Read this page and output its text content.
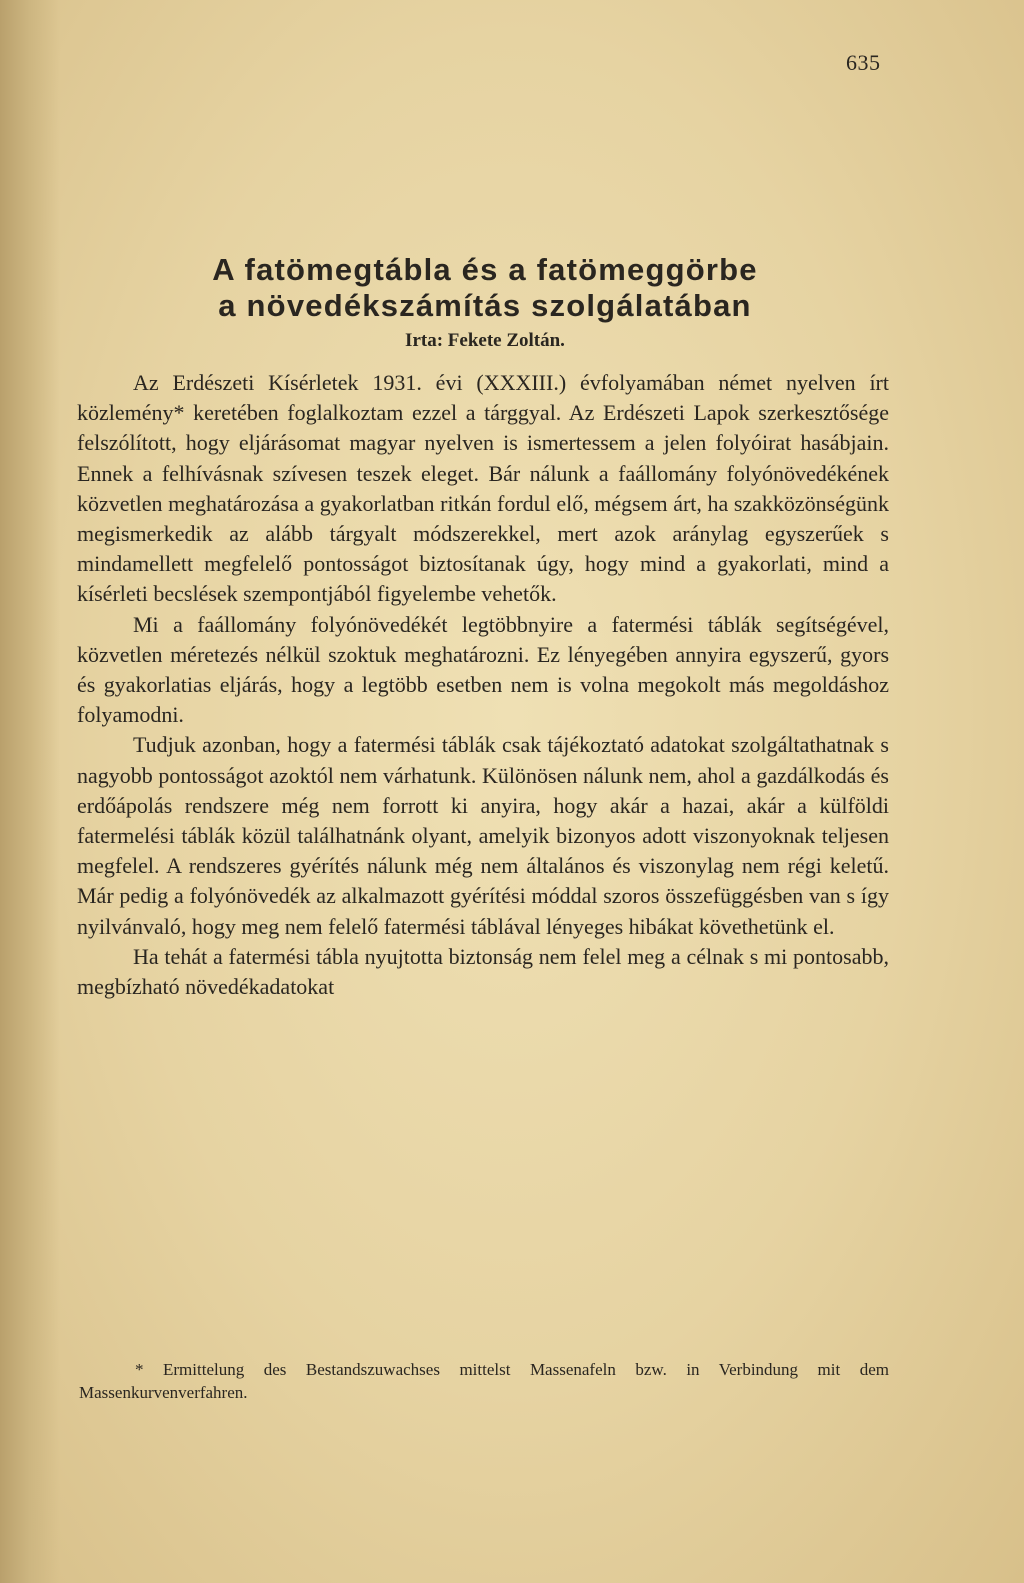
635
A fatömegtábla és a fatömeggörbe
a növedékszámítás szolgálatában
Irta: Fekete Zoltán.

Az Erdészeti Kísérletek 1931. évi (XXXIII.) évfolyamában német nyelven írt közlemény* keretében foglalkoztam ezzel a tárggyal. Az Erdészeti Lapok szerkesztősége felszólított, hogy eljárásomat magyar nyelven is ismertessem a jelen folyóirat hasábjain. Ennek a felhívásnak szívesen teszek eleget. Bár nálunk a faállomány folyónövedékének közvetlen meghatározása a gyakorlatban ritkán fordul elő, mégsem árt, ha szakközönségünk megismerkedik az alább tárgyalt módszerekkel, mert azok aránylag egyszerűek s mindamellett megfelelő pontosságot biztosítanak úgy, hogy mind a gyakorlati, mind a kísérleti becslések szempontjából figyelembe vehetők.

Mi a faállomány folyónövedékét legtöbbnyire a fatermési táblák segítségével, közvetlen méretezés nélkül szoktuk meghatározni. Ez lényegében annyira egyszerű, gyors és gyakorlatias eljárás, hogy a legtöbb esetben nem is volna megokolt más megoldáshoz folyamodni.

Tudjuk azonban, hogy a fatermési táblák csak tájékoztató adatokat szolgáltathatnak s nagyobb pontosságot azoktól nem várhatunk. Különösen nálunk nem, ahol a gazdálkodás és erdőápolás rendszere még nem forrott ki anyira, hogy akár a hazai, akár a külföldi fatermelési táblák közül találhatnánk olyant, amelyik bizonyos adott viszonyoknak teljesen megfelel. A rendszeres gyérítés nálunk még nem általános és viszonylag nem régi keletű. Már pedig a folyónövedék az alkalmazott gyérítési móddal szoros összefüggésben van s így nyilvánvaló, hogy meg nem felelő fatermési táblával lényeges hibákat követhetünk el.

Ha tehát a fatermési tábla nyujtotta biztonság nem felel meg a célnak s mi pontosabb, megbízható növedékadatokat

* Ermittelung des Bestandszuwachses mittelst Massenafeln bzw. in Verbindung mit dem Massenkurvenverfahren.
